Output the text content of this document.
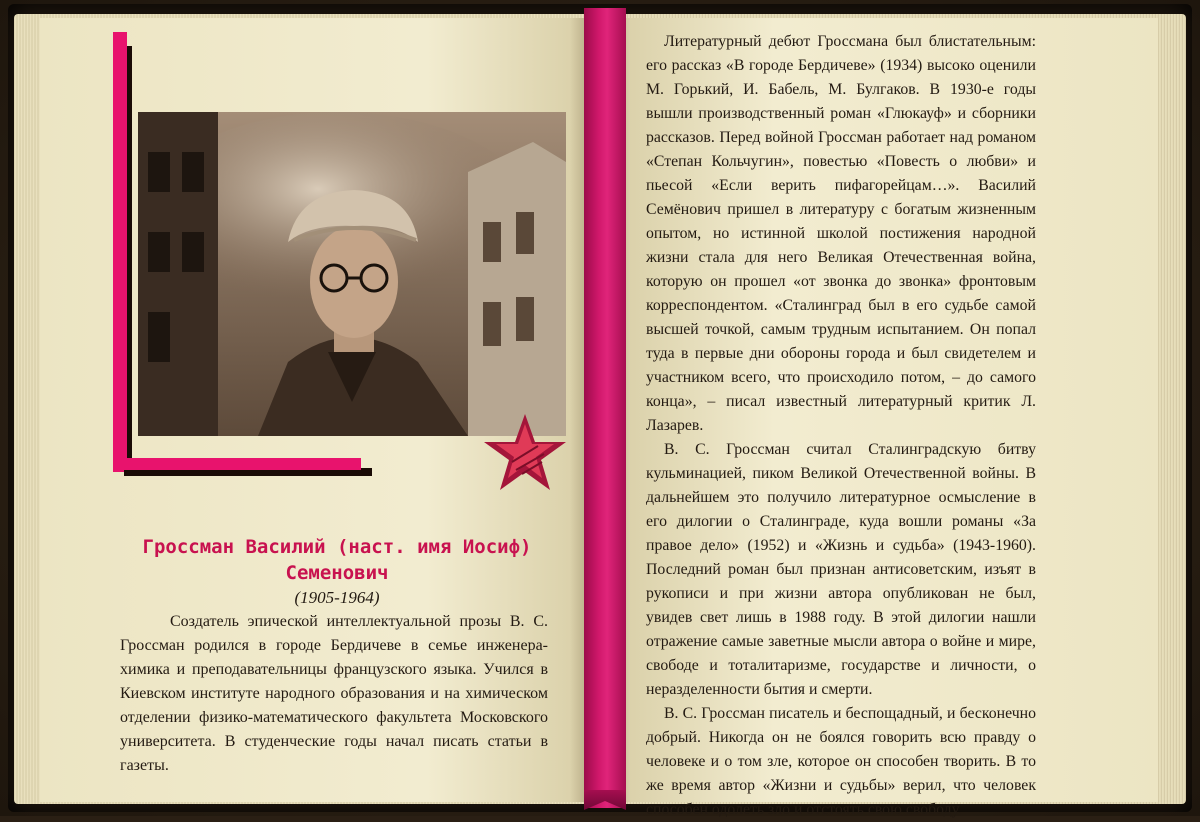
Гроссман Василий (наст. имя Иосиф) Семенович
(1905-1964)

Создатель эпической интеллектуальной прозы В. С. Гроссман родился в городе Бердичеве в семье инженера-химика и преподавательницы французского языка. Учился в Киевском институте народного образования и на химическом отделении физико-математического факультета Московского университета. В студенческие годы начал писать статьи в газеты.

Литературный дебют Гроссмана был блистательным: его рассказ «В городе Бердичеве» (1934) высоко оценили М. Горький, И. Бабель, М. Булгаков. В 1930-е годы вышли производственный роман «Глюкауф» и сборники рассказов. Перед войной Гроссман работает над романом «Степан Кольчугин», повестью «Повесть о любви» и пьесой «Если верить пифагорейцам…». Василий Семёнович пришел в литературу с богатым жизненным опытом, но истинной школой постижения народной жизни стала для него Великая Отечественная война, которую он прошел «от звонка до звонка» фронтовым корреспондентом. «Сталинград был в его судьбе самой высшей точкой, самым трудным испытанием. Он попал туда в первые дни обороны города и был свидетелем и участником всего, что происходило потом, – до самого конца», – писал известный литературный критик Л. Лазарев.

В. С. Гроссман считал Сталинградскую битву кульминацией, пиком Великой Отечественной войны. В дальнейшем это получило литературное осмысление в его дилогии о Сталинграде, куда вошли романы «За правое дело» (1952) и «Жизнь и судьба» (1943-1960). Последний роман был признан антисоветским, изъят в рукописи и при жизни автора опубликован не был, увидев свет лишь в 1988 году. В этой дилогии нашли отражение самые заветные мысли автора о войне и мире, свободе и тоталитаризме, государстве и личности, о неразделенности бытия и смерти.

В. С. Гроссман писатель и беспощадный, и бесконечно добрый. Никогда он не боялся говорить всю правду о человеке и о том зле, которое он способен творить. В то же время автор «Жизни и судьбы» верил, что человек способен одолеть зло и отстоять свою свободу.
